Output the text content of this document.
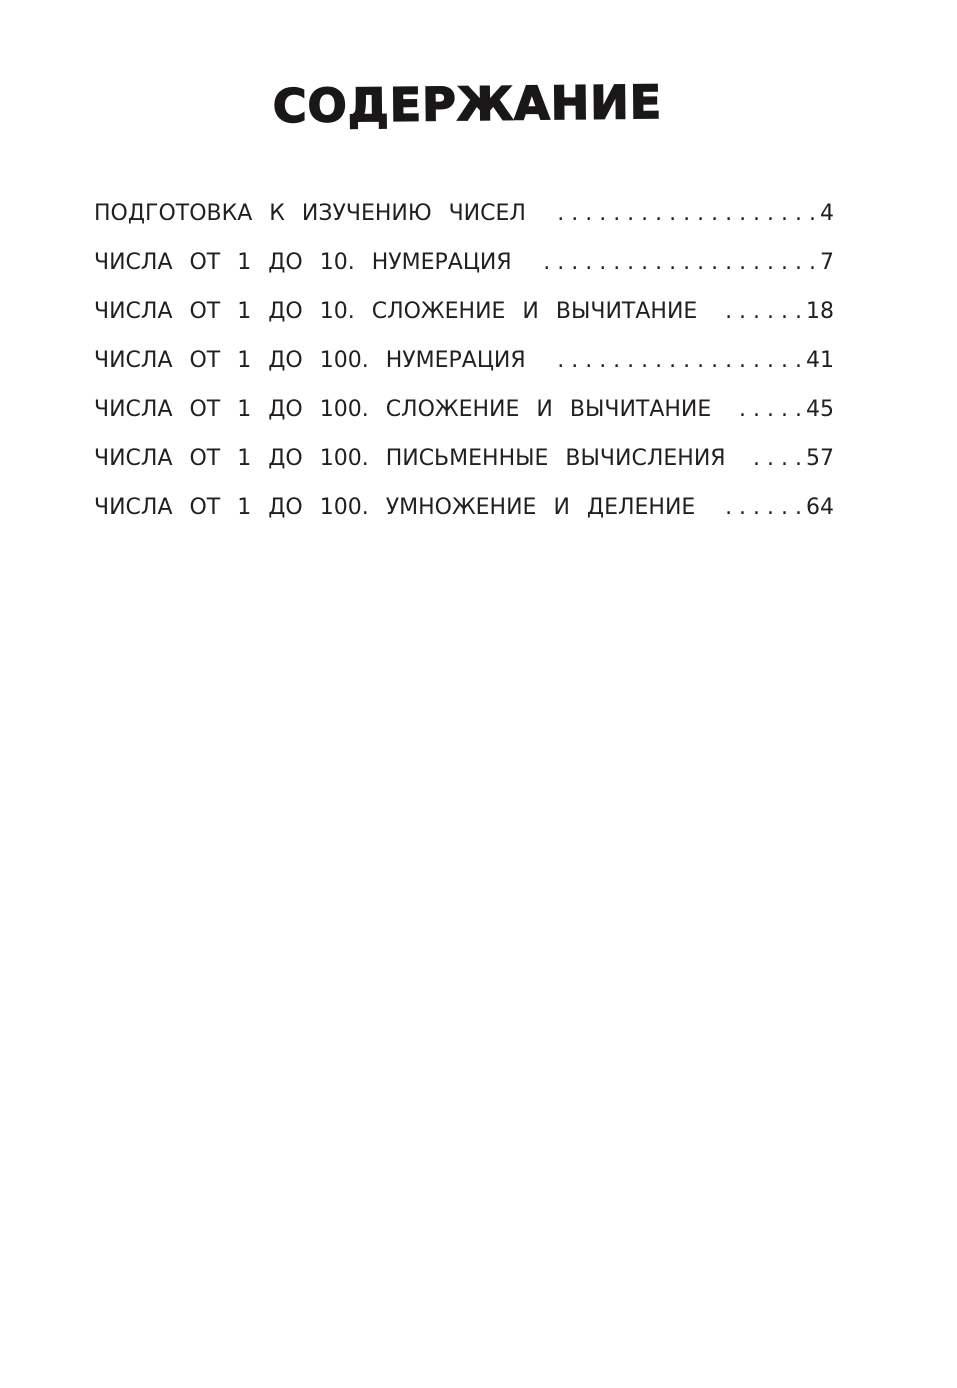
СОДЕРЖАНИЕ
ПОДГОТОВКА К ИЗУЧЕНИЮ ЧИСЕЛ . . .	4
ЧИСЛА ОТ 1 ДО 10. НУМЕРАЦИЯ . . .	7
ЧИСЛА ОТ 1 ДО 10. СЛОЖЕНИЕ И ВЫЧИТАНИЕ . . .	18
ЧИСЛА ОТ 1 ДО 100. НУМЕРАЦИЯ . . .	41
ЧИСЛА ОТ 1 ДО 100. СЛОЖЕНИЕ И ВЫЧИТАНИЕ . . .	45
ЧИСЛА ОТ 1 ДО 100. ПИСЬМЕННЫЕ ВЫЧИСЛЕНИЯ . . .	57
ЧИСЛА ОТ 1 ДО 100. УМНОЖЕНИЕ И ДЕЛЕНИЕ . . .	64
